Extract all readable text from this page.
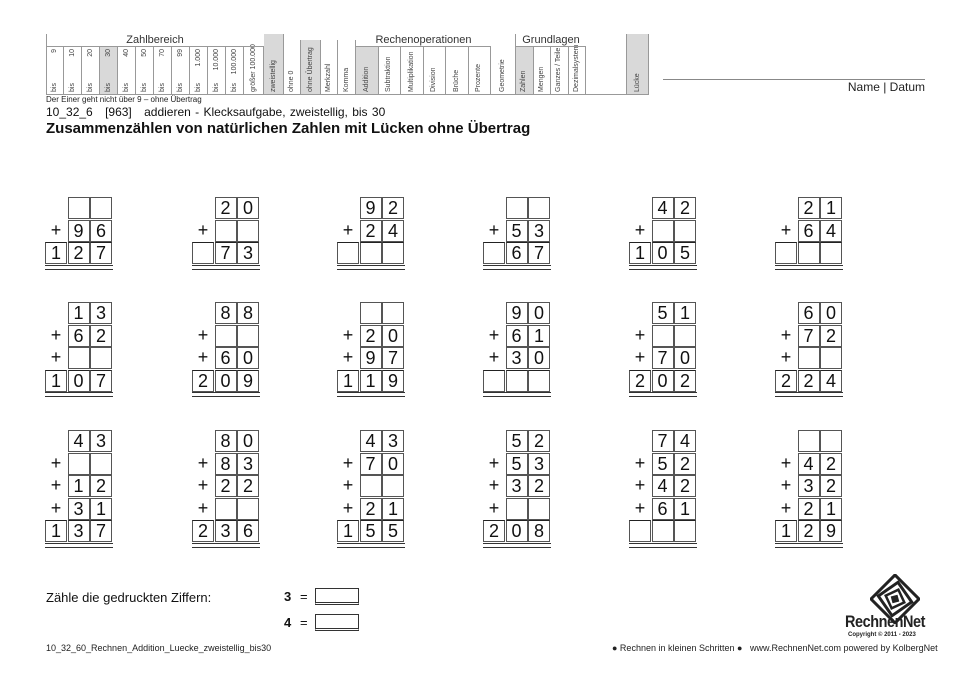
Name | Datum
Der Einer geht nicht über 9 – ohne Übertrag
10_32_6 [963] addieren - Klecksaufgabe, zweistellig, bis 30
Zusammenzählen von natürlichen Zahlen mit Lücken ohne Übertrag
+ 9 6
1 2 7
2 0
+
7 3
9 2
+ 2 4	+ 5 3
6 7
4 2
+
1 0 5
2 1
+ 6 4
1 3
+ 6 2
+
1 0 7
8 8
+
+ 6 0
2 0 9
+ 2 0
+ 9 7
1 1 9
9 0
+ 6 1
+ 3 0
5 1
+
+ 7 0
2 0 2
6 0
+ 7 2
+
2 2 4
4 3
+
+ 1 2
+ 3 1
1 3 7
8 0
+ 8 3
+ 2 2
+
2 3 6
4 3
+ 7 0
+
+ 2 1
1 5 5
5 2
+ 5 3
+ 3 2
+
2 0 8
7 4
+ 5 2
+ 4 2
+ 6 1
+ 4 2
+ 3 2
+ 2 1
1 2 9
Zähle die gedruckten Ziffern:	3 =
4 =
10_32_60_Rechnen_Addition_Luecke_zweistellig_bis30	● Rechnen in kleinen Schritten ● www.RechnenNet.com powered by KolbergNet
RechnenNet
Copyright © 2011 - 2023
9
bis
10
bis
20
bis
30
bis
40
bis
50
bis
70
bis
99
bis
1.000
bis
10.000
bis
100.000
bis größer 100.000
Zahlbereich
zweistellig ohne 0 ohne Übertrag Merkzahl Komma Addition Subtraktion Multiplikation Division Brüche Prozente
Rechenoperationen
Geometrie Zahlen Mengen Ganzes / Teile Dezimalsystem
Grundlagen
Lücke
